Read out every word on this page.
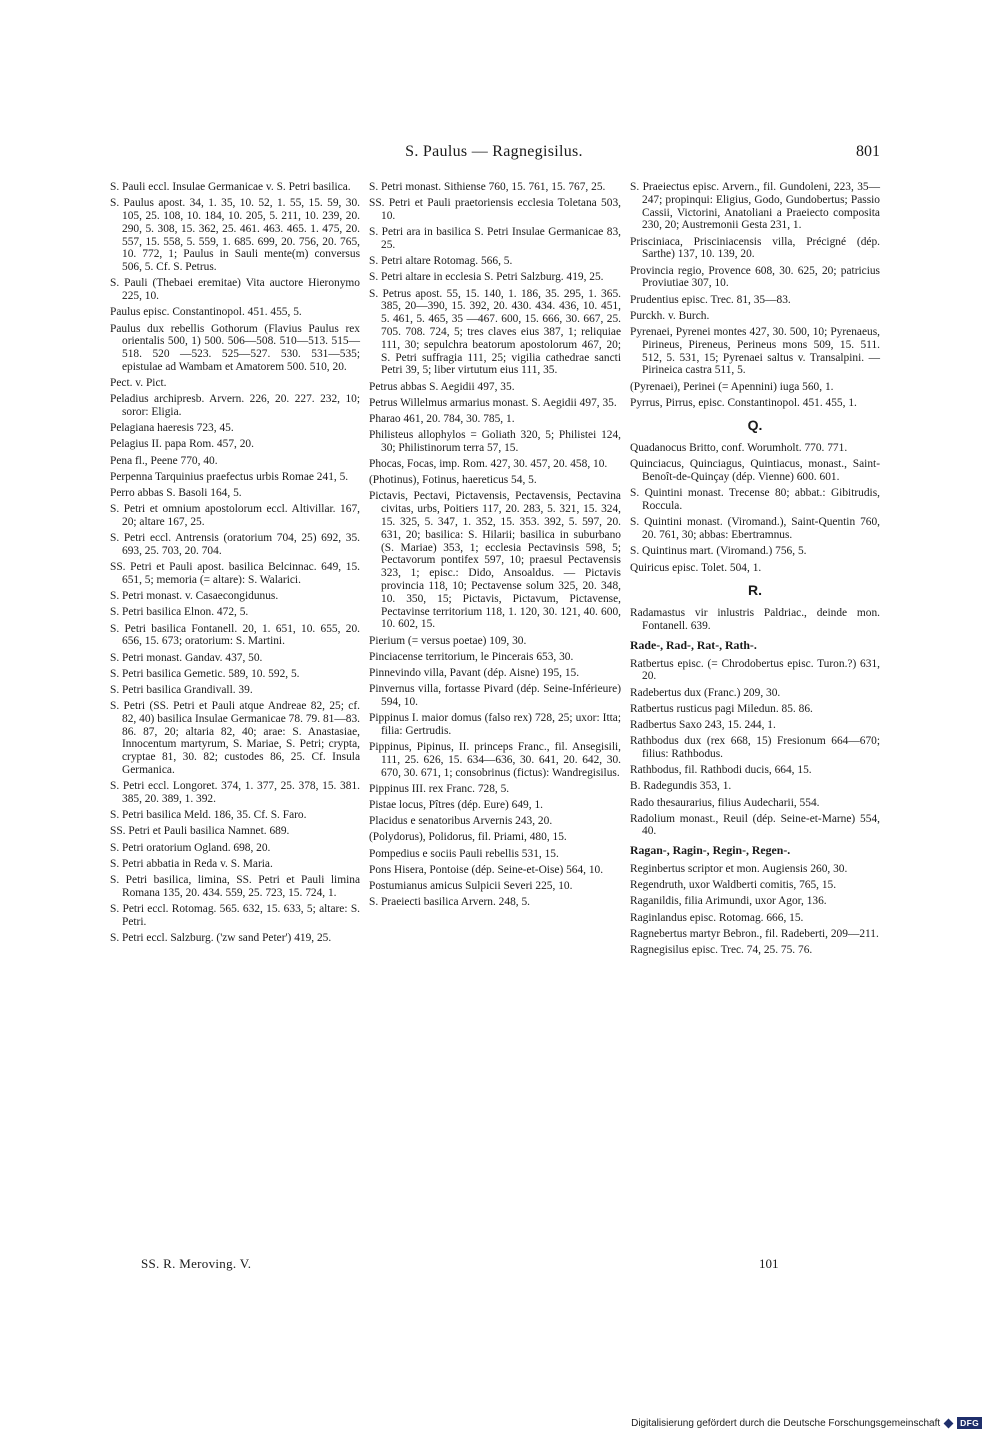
S. Paulus — Ragnegisilus.	801

S. Pauli eccl. Insulae Germanicae v. S. Petri basilica.

S. Paulus apost. 34, 1. 35, 10. 52, 1. 55, 15. 59, 30. 105, 25. 108, 10. 184, 10. 205, 5. 211, 10. 239, 20. 290, 5. 308, 15. 362, 25. 461. 463. 465. 1. 475, 20. 557, 15. 558, 5. 559, 1. 685. 699, 20. 756, 20. 765, 10. 772, 1; Paulus in Sauli mente(m) conversus 506, 5. Cf. S. Petrus.

S. Pauli (Thebaei eremitae) Vita auctore Hieronymo 225, 10.

Paulus episc. Constantinopol. 451. 455, 5.

Paulus dux rebellis Gothorum (Flavius Paulus rex orientalis 500, 1) 500. 506—508. 510—513. 515—518. 520 —523. 525—527. 530. 531—535; epistulae ad Wambam et Amatorem 500. 510, 20.

Pect. v. Pict.

Peladius archipresb. Arvern. 226, 20. 227. 232, 10; soror: Eligia.

Pelagiana haeresis 723, 45.

Pelagius II. papa Rom. 457, 20.

Pena fl., Peene 770, 40.

Perpenna Tarquinius praefectus urbis Romae 241, 5.

Perro abbas S. Basoli 164, 5.

S. Petri et omnium apostolorum eccl. Altivillar. 167, 20; altare 167, 25.

S. Petri eccl. Antrensis (oratorium 704, 25) 692, 35. 693, 25. 703, 20. 704.

SS. Petri et Pauli apost. basilica Belcinnac. 649, 15. 651, 5; memoria (= altare): S. Walarici.

S. Petri monast. v. Casaecongidunus.

S. Petri basilica Elnon. 472, 5.

S. Petri basilica Fontanell. 20, 1. 651, 10. 655, 20. 656, 15. 673; oratorium: S. Martini.

S. Petri monast. Gandav. 437, 50.

S. Petri basilica Gemetic. 589, 10. 592, 5.

S. Petri basilica Grandivall. 39.

S. Petri (SS. Petri et Pauli atque Andreae 82, 25; cf. 82, 40) basilica Insulae Germanicae 78. 79. 81—83. 86. 87, 20; altaria 82, 40; arae: S. Anastasiae, Innocentum martyrum, S. Mariae, S. Petri; crypta, cryptae 81, 30. 82; custodes 86, 25. Cf. Insula Germanica.

S. Petri eccl. Longoret. 374, 1. 377, 25. 378, 15. 381. 385, 20. 389, 1. 392.

S. Petri basilica Meld. 186, 35. Cf. S. Faro.

SS. Petri et Pauli basilica Namnet. 689.

S. Petri oratorium Ogland. 698, 20.

S. Petri abbatia in Reda v. S. Maria.

S. Petri basilica, limina, SS. Petri et Pauli limina Romana 135, 20. 434. 559, 25. 723, 15. 724, 1.

S. Petri eccl. Rotomag. 565. 632, 15. 633, 5; altare: S. Petri.

S. Petri eccl. Salzburg. ('zw sand Peter') 419, 25.

S. Petri monast. Sithiense 760, 15. 761, 15. 767, 25.

SS. Petri et Pauli praetoriensis ecclesia Toletana 503, 10.

S. Petri ara in basilica S. Petri Insulae Germanicae 83, 25.

S. Petri altare Rotomag. 566, 5.

S. Petri altare in ecclesia S. Petri Salzburg. 419, 25.

S. Petrus apost. 55, 15. 140, 1. 186, 35. 295, 1. 365. 385, 20—390, 15. 392, 20. 430. 434. 436, 10. 451, 5. 461, 5. 465, 35 —467. 600, 15. 666, 30. 667, 25. 705. 708. 724, 5; tres claves eius 387, 1; reliquiae 111, 30; sepulchra beatorum apostolorum 467, 20; S. Petri suffragia 111, 25; vigilia cathedrae sancti Petri 39, 5; liber virtutum eius 111, 35.

Petrus abbas S. Aegidii 497, 35.

Petrus Willelmus armarius monast. S. Aegidii 497, 35.

Pharao 461, 20. 784, 30. 785, 1.

Philisteus allophylos = Goliath 320, 5; Philistei 124, 30; Philistinorum terra 57, 15.

Phocas, Focas, imp. Rom. 427, 30. 457, 20. 458, 10.

(Photinus), Fotinus, haereticus 54, 5.

Pictavis, Pectavi, Pictavensis, Pectavensis, Pectavina civitas, urbs, Poitiers 117, 20. 283, 5. 321, 15. 324, 15. 325, 5. 347, 1. 352, 15. 353. 392, 5. 597, 20. 631, 20; basilica: S. Hilarii; basilica in suburbano (S. Mariae) 353, 1; ecclesia Pectavinsis 598, 5; Pectavorum pontifex 597, 10; praesul Pectavensis 323, 1; episc.: Dido, Ansoaldus. — Pictavis provincia 118, 10; Pectavense solum 325, 20. 348, 10. 350, 15; Pictavis, Pictavum, Pictavense, Pectavinse territorium 118, 1. 120, 30. 121, 40. 600, 10. 602, 15.

Pierium (= versus poetae) 109, 30.

Pinciacense territorium, le Pincerais 653, 30.

Pinnevindo villa, Pavant (dép. Aisne) 195, 15.

Pinvernus villa, fortasse Pivard (dép. Seine-Inférieure) 594, 10.

Pippinus I. maior domus (falso rex) 728, 25; uxor: Itta; filia: Gertrudis.

Pippinus, Pipinus, II. princeps Franc., fil. Ansegisili, 111, 25. 626, 15. 634—636, 30. 641, 20. 642, 30. 670, 30. 671, 1; consobrinus (fictus): Wandregisilus.

Pippinus III. rex Franc. 728, 5.

Pistae locus, Pîtres (dép. Eure) 649, 1.

Placidus e senatoribus Arvernis 243, 20.

(Polydorus), Polidorus, fil. Priami, 480, 15.

Pompedius e sociis Pauli rebellis 531, 15.

Pons Hisera, Pontoise (dép. Seine-et-Oise) 564, 10.

Postumianus amicus Sulpicii Severi 225, 10.

S. Praeiecti basilica Arvern. 248, 5.

S. Praeiectus episc. Arvern., fil. Gundoleni, 223, 35—247; propinqui: Eligius, Godo, Gundobertus; Passio Cassii, Victorini, Anatoliani a Praeiecto composita 230, 20; Austremonii Gesta 231, 1.

Prisciniaca, Prisciniacensis villa, Précigné (dép. Sarthe) 137, 10. 139, 20.

Provincia regio, Provence 608, 30. 625, 20; patricius Proviutiae 307, 10.

Prudentius episc. Trec. 81, 35—83.

Purckh. v. Burch.

Pyrenaei, Pyrenei montes 427, 30. 500, 10; Pyrenaeus, Pirineus, Pireneus, Perineus mons 509, 15. 511. 512, 5. 531, 15; Pyrenaei saltus v. Transalpini. — Pirineica castra 511, 5.

(Pyrenaei), Perinei (= Apennini) iuga 560, 1.

Pyrrus, Pirrus, episc. Constantinopol. 451. 455, 1.

Q.

Quadanocus Britto, conf. Worumholt. 770. 771.

Quinciacus, Quinciagus, Quintiacus, monast., Saint-Benoît-de-Quinçay (dép. Vienne) 600. 601.

S. Quintini monast. Trecense 80; abbat.: Gibitrudis, Roccula.

S. Quintini monast. (Viromand.), Saint-Quentin 760, 20. 761, 30; abbas: Ebertramnus.

S. Quintinus mart. (Viromand.) 756, 5.

Quiricus episc. Tolet. 504, 1.

R.

Radamastus vir inlustris Paldriac., deinde mon. Fontanell. 639.

Rade-, Rad-, Rat-, Rath-.

Ratbertus episc. (= Chrodobertus episc. Turon.?) 631, 20.

Radebertus dux (Franc.) 209, 30.

Ratbertus rusticus pagi Miledun. 85. 86.

Radbertus Saxo 243, 15. 244, 1.

Rathbodus dux (rex 668, 15) Fresionum 664—670; filius: Rathbodus.

Rathbodus, fil. Rathbodi ducis, 664, 15.

B. Radegundis 353, 1.

Rado thesaurarius, filius Audecharii, 554.

Radolium monast., Reuil (dép. Seine-et-Marne) 554, 40.

Ragan-, Ragin-, Regin-, Regen-.

Reginbertus scriptor et mon. Augiensis 260, 30.

Regendruth, uxor Waldberti comitis, 765, 15.

Raganildis, filia Arimundi, uxor Agor, 136.

Raginlandus episc. Rotomag. 666, 15.

Ragnebertus martyr Bebron., fil. Radeberti, 209—211.

Ragnegisilus episc. Trec. 74, 25. 75. 76.

SS. R. Meroving. V.	101
Digitalisierung gefördert durch die Deutsche Forschungsgemeinschaft	DFG
